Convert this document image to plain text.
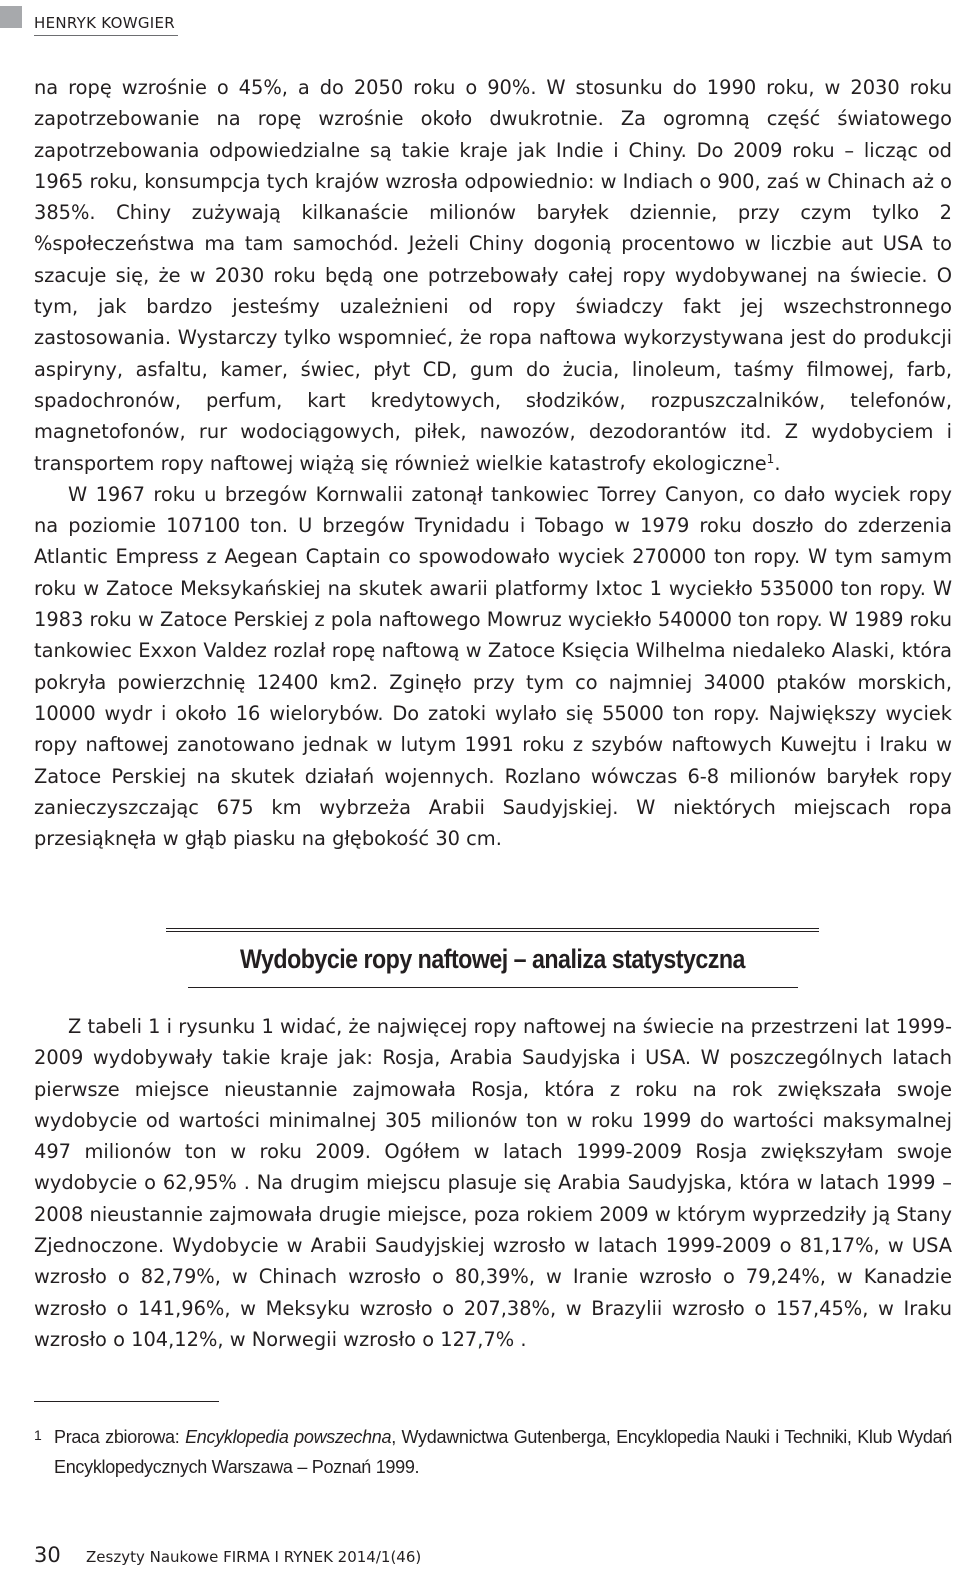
HENRYK KOWGIER

na ropę wzrośnie o 45%, a do 2050 roku o 90%. W stosunku do 1990 roku, w 2030 roku zapotrzebowanie na ropę wzrośnie około dwukrotnie. Za ogromną część światowego zapotrzebowania odpowiedzialne są takie kraje jak Indie i Chiny. Do 2009 roku – licząc od 1965 roku, konsumpcja tych krajów wzrosła odpowiednio: w Indiach o 900, zaś w Chinach aż o 385%. Chiny zużywają kilkanaście milionów baryłek dziennie, przy czym tylko 2 %społeczeństwa ma tam samochód. Jeżeli Chiny dogonią procentowo w liczbie aut USA to szacuje się, że w 2030 roku będą one potrzebowały całej ropy wydobywanej na świecie. O tym, jak bardzo jesteśmy uzależnieni od ropy świadczy fakt jej wszechstronnego zastosowania. Wystarczy tylko wspomnieć, że ropa naftowa wykorzystywana jest do produkcji aspiryny, asfaltu, kamer, świec, płyt CD, gum do żucia, linoleum, taśmy filmowej, farb, spadochronów, perfum, kart kredytowych, słodzików, rozpuszczalników, telefonów, magnetofonów, rur wodociągowych, piłek, nawozów, dezodorantów itd. Z wydobyciem i transportem ropy naftowej wiążą się również wielkie katastrofy ekologiczne$^1$.

W 1967 roku u brzegów Kornwalii zatonął tankowiec Torrey Canyon, co dało wyciek ropy na poziomie 107100 ton. U brzegów Trynidadu i Tobago w 1979 roku doszło do zderzenia Atlantic Empress z Aegean Captain co spowodowało wyciek 270000 ton ropy. W tym samym roku w Zatoce Meksykańskiej na skutek awarii platformy Ixtoc 1 wyciekło 535000 ton ropy. W 1983 roku w Zatoce Perskiej z pola naftowego Mowruz wyciekło 540000 ton ropy. W 1989 roku tankowiec Exxon Valdez rozlał ropę naftową w Zatoce Księcia Wilhelma niedaleko Alaski, która pokryła powierzchnię 12400 km2. Zginęło przy tym co najmniej 34000 ptaków morskich, 10000 wydr i około 16 wielorybów. Do zatoki wylało się 55000 ton ropy. Największy wyciek ropy naftowej zanotowano jednak w lutym 1991 roku z szybów naftowych Kuwejtu i Iraku w Zatoce Perskiej na skutek działań wojennych. Rozlano wówczas 6-8 milionów baryłek ropy zanieczyszczając 675 km wybrzeża Arabii Saudyjskiej. W niektórych miejscach ropa przesiąknęła w głąb piasku na głębokość 30 cm.

Wydobycie ropy naftowej – analiza statystyczna

Z tabeli 1 i rysunku 1 widać, że najwięcej ropy naftowej na świecie na przestrzeni lat 1999-2009 wydobywały takie kraje jak: Rosja, Arabia Saudyjska i USA. W poszczególnych latach pierwsze miejsce nieustannie zajmowała Rosja, która z roku na rok zwiększała swoje wydobycie od wartości minimalnej 305 milionów ton w roku 1999 do wartości maksymalnej 497 milionów ton w roku 2009. Ogółem w latach 1999-2009 Rosja zwiększyłam swoje wydobycie o 62,95% . Na drugim miejscu plasuje się Arabia Saudyjska, która w latach 1999 – 2008 nieustannie zajmowała drugie miejsce, poza rokiem 2009 w którym wyprzedziły ją Stany Zjednoczone. Wydobycie w Arabii Saudyjskiej wzrosło w latach 1999-2009 o 81,17%, w USA wzrosło o 82,79%, w Chinach wzrosło o 80,39%, w Iranie wzrosło o 79,24%, w Kanadzie wzrosło o 141,96%, w Meksyku wzrosło o 207,38%, w Brazylii wzrosło o 157,45%, w Iraku wzrosło o 104,12%, w Norwegii wzrosło o 127,7% .

1 Praca zbiorowa: Encyklopedia powszechna, Wydawnictwa Gutenberga, Encyklopedia Nauki i Techniki, Klub Wydań Encyklopedycznych Warszawa – Poznań 1999.
30 Zeszyty Naukowe FIRMA I RYNEK 2014/1(46)
